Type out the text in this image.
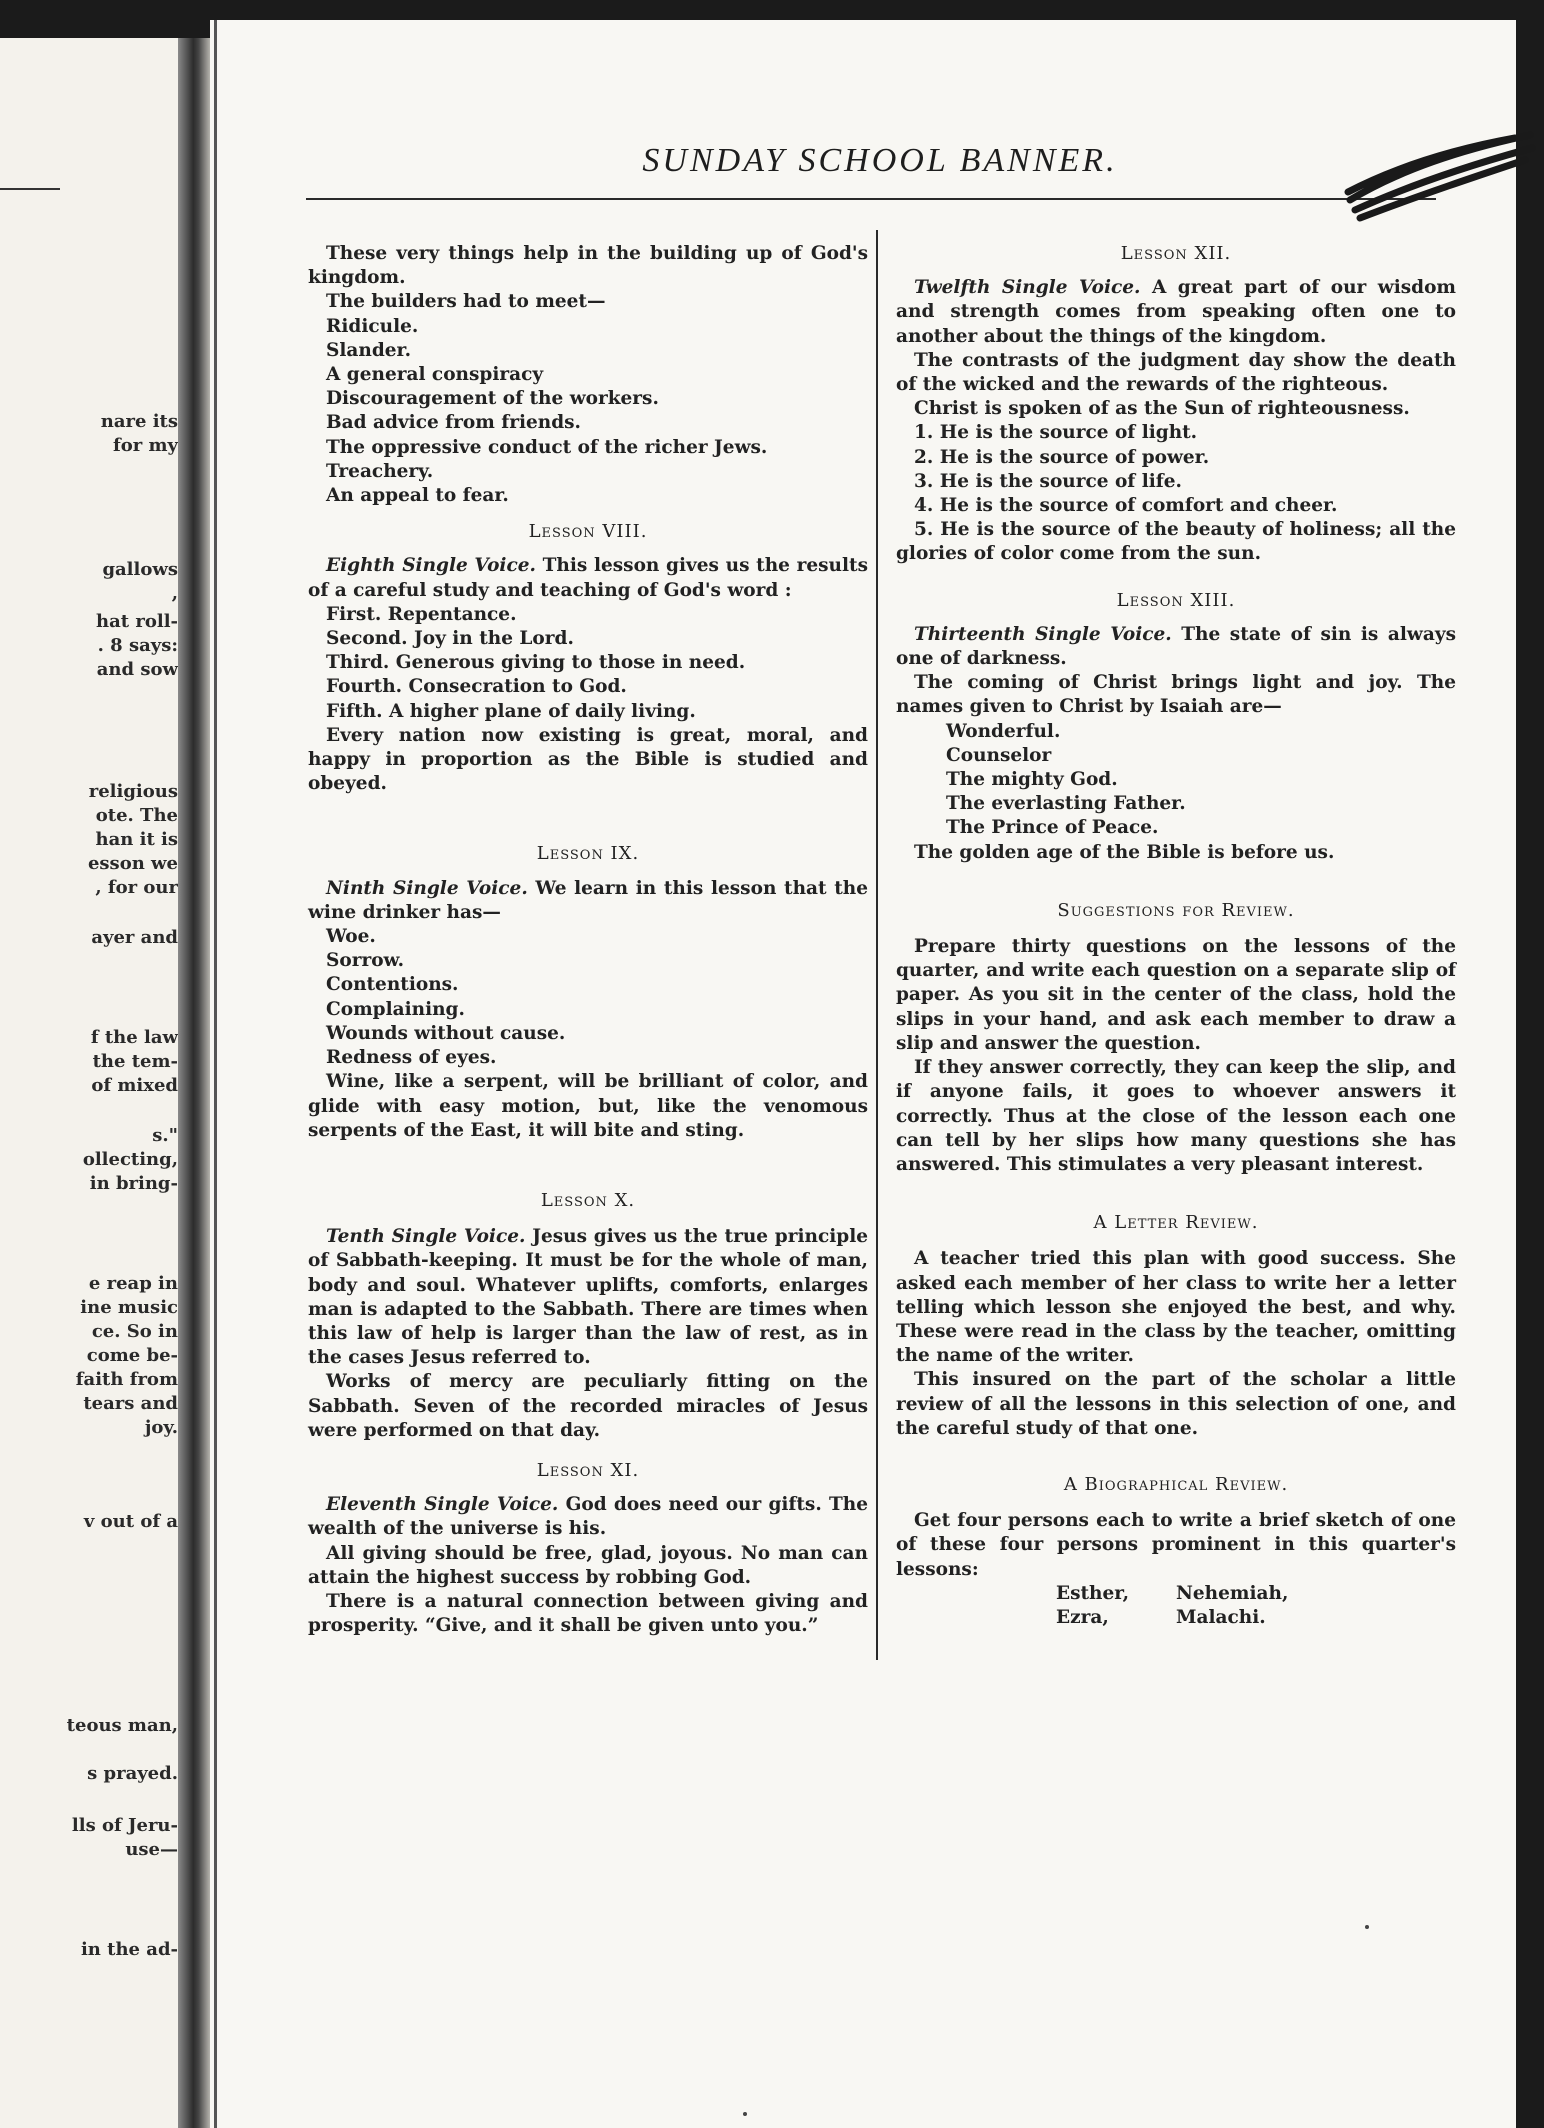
nare its
for my
gallows
,
hat roll-
. 8 says:
and sow
religious
ote. The
han it is
esson we
, for our
ayer and
f the law
the tem-
of mixed
s."
ollecting,
in bring-
e reap in
ine music
ce. So in
come be-
faith from
tears and
joy.
v out of a
teous man,
s prayed.
lls of Jeru-
use—
in the ad-
SUNDAY SCHOOL BANNER.

These very things help in the building up of God's kingdom.

The builders had to meet—

Ridicule.

Slander.

A general conspiracy

Discouragement of the workers.

Bad advice from friends.

The oppressive conduct of the richer Jews.

Treachery.

An appeal to fear.

Lesson VIII.

Eighth Single Voice. This lesson gives us the results of a careful study and teaching of God's word :

First. Repentance.

Second. Joy in the Lord.

Third. Generous giving to those in need.

Fourth. Consecration to God.

Fifth. A higher plane of daily living.

Every nation now existing is great, moral, and happy in proportion as the Bible is studied and obeyed.

Lesson IX.

Ninth Single Voice. We learn in this lesson that the wine drinker has—

Woe.

Sorrow.

Contentions.

Complaining.

Wounds without cause.

Redness of eyes.

Wine, like a serpent, will be brilliant of color, and glide with easy motion, but, like the venomous serpents of the East, it will bite and sting.

Lesson X.

Tenth Single Voice. Jesus gives us the true principle of Sabbath-keeping. It must be for the whole of man, body and soul. Whatever uplifts, comforts, enlarges man is adapted to the Sabbath. There are times when this law of help is larger than the law of rest, as in the cases Jesus referred to.

Works of mercy are peculiarly fitting on the Sabbath. Seven of the recorded miracles of Jesus were performed on that day.

Lesson XI.

Eleventh Single Voice. God does need our gifts. The wealth of the universe is his.

All giving should be free, glad, joyous. No man can attain the highest success by robbing God.

There is a natural connection between giving and prosperity. “Give, and it shall be given unto you.”

Lesson XII.

Twelfth Single Voice. A great part of our wisdom and strength comes from speaking often one to another about the things of the kingdom.

The contrasts of the judgment day show the death of the wicked and the rewards of the righteous.

Christ is spoken of as the Sun of righteousness.

1. He is the source of light.

2. He is the source of power.

3. He is the source of life.

4. He is the source of comfort and cheer.

5. He is the source of the beauty of holiness; all the glories of color come from the sun.

Lesson XIII.

Thirteenth Single Voice. The state of sin is always one of darkness.

The coming of Christ brings light and joy. The names given to Christ by Isaiah are—

Wonderful.

Counselor

The mighty God.

The everlasting Father.

The Prince of Peace.

The golden age of the Bible is before us.

Suggestions for Review.

Prepare thirty questions on the lessons of the quarter, and write each question on a separate slip of paper. As you sit in the center of the class, hold the slips in your hand, and ask each member to draw a slip and answer the question.

If they answer correctly, they can keep the slip, and if anyone fails, it goes to whoever answers it correctly. Thus at the close of the lesson each one can tell by her slips how many questions she has answered. This stimulates a very pleasant interest.

A Letter Review.

A teacher tried this plan with good success. She asked each member of her class to write her a letter telling which lesson she enjoyed the best, and why. These were read in the class by the teacher, omitting the name of the writer.

This insured on the part of the scholar a little review of all the lessons in this selection of one, and the careful study of that one.

A Biographical Review.

Get four persons each to write a brief sketch of one of these four persons prominent in this quarter's lessons:

Esther,	Nehemiah,
Ezra,	Malachi.
